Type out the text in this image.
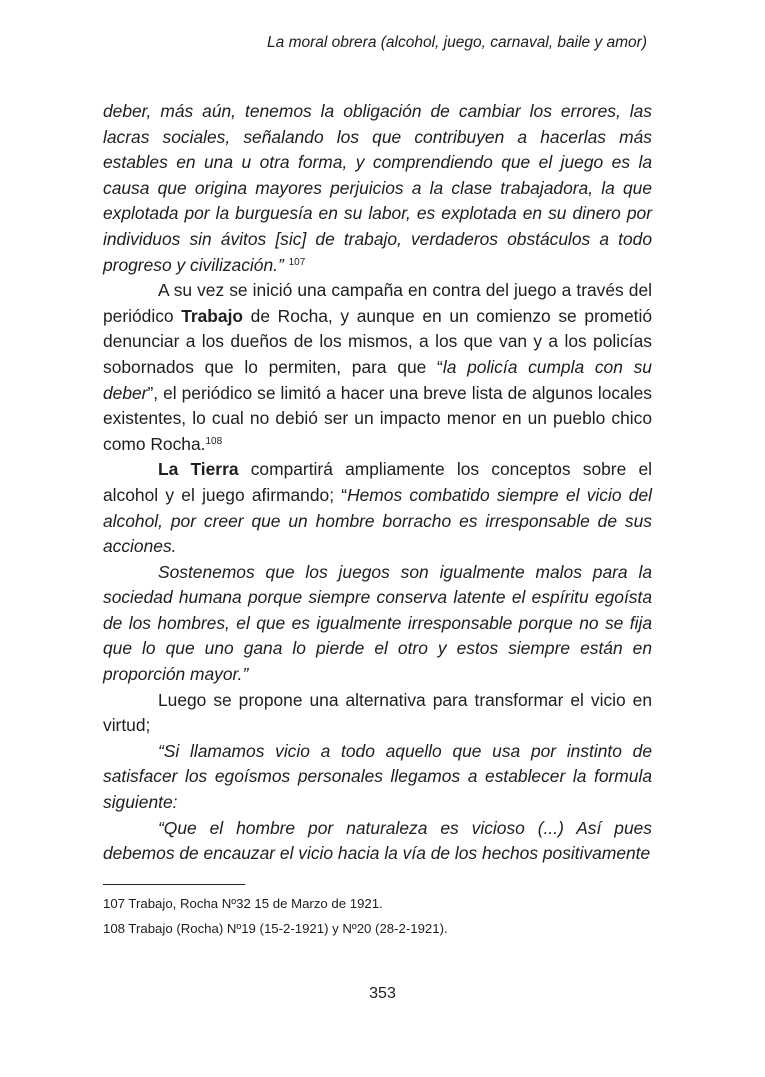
La moral obrera (alcohol, juego, carnaval, baile y amor)

deber, más aún, tenemos la obligación de cambiar los errores, las lacras sociales, señalando los que contribuyen a hacerlas más estables en una u otra forma, y comprendiendo que el juego es la causa que origina mayores perjuicios a la clase trabajadora, la que explotada por la burguesía en su labor, es explotada en su dinero por individuos sin ávitos [sic] de trabajo, verdaderos obstáculos a todo progreso y civilización.” $^{107}$

A su vez se inició una campaña en contra del juego a través del periódico Trabajo de Rocha, y aunque en un comienzo se prometió denunciar a los dueños de los mismos, a los que van y a los policías sobornados que lo permiten, para que “la policía cumpla con su deber”, el periódico se limitó a hacer una breve lista de algunos locales existentes, lo cual no debió ser un impacto menor en un pueblo chico como Rocha.$^{108}$

La Tierra compartirá ampliamente los conceptos sobre el alcohol y el juego afirmando; “Hemos combatido siempre el vicio del alcohol, por creer que un hombre borracho es irresponsable de sus acciones.

Sostenemos que los juegos son igualmente malos para la sociedad humana porque siempre conserva latente el espíritu egoísta de los hombres, el que es igualmente irresponsable porque no se fija que lo que uno gana lo pierde el otro y estos siempre están en proporción mayor.”

Luego se propone una alternativa para transformar el vicio en virtud;

“Si llamamos vicio a todo aquello que usa por instinto de satisfacer los egoísmos personales llegamos a establecer la formula siguiente:

“Que el hombre por naturaleza es vicioso (...) Así pues debemos de encauzar el vicio hacia la vía de los hechos positivamente

107 Trabajo, Rocha Nº32 15 de Marzo de 1921.
108 Trabajo (Rocha) Nº19 (15-2-1921) y Nº20 (28-2-1921).
353
